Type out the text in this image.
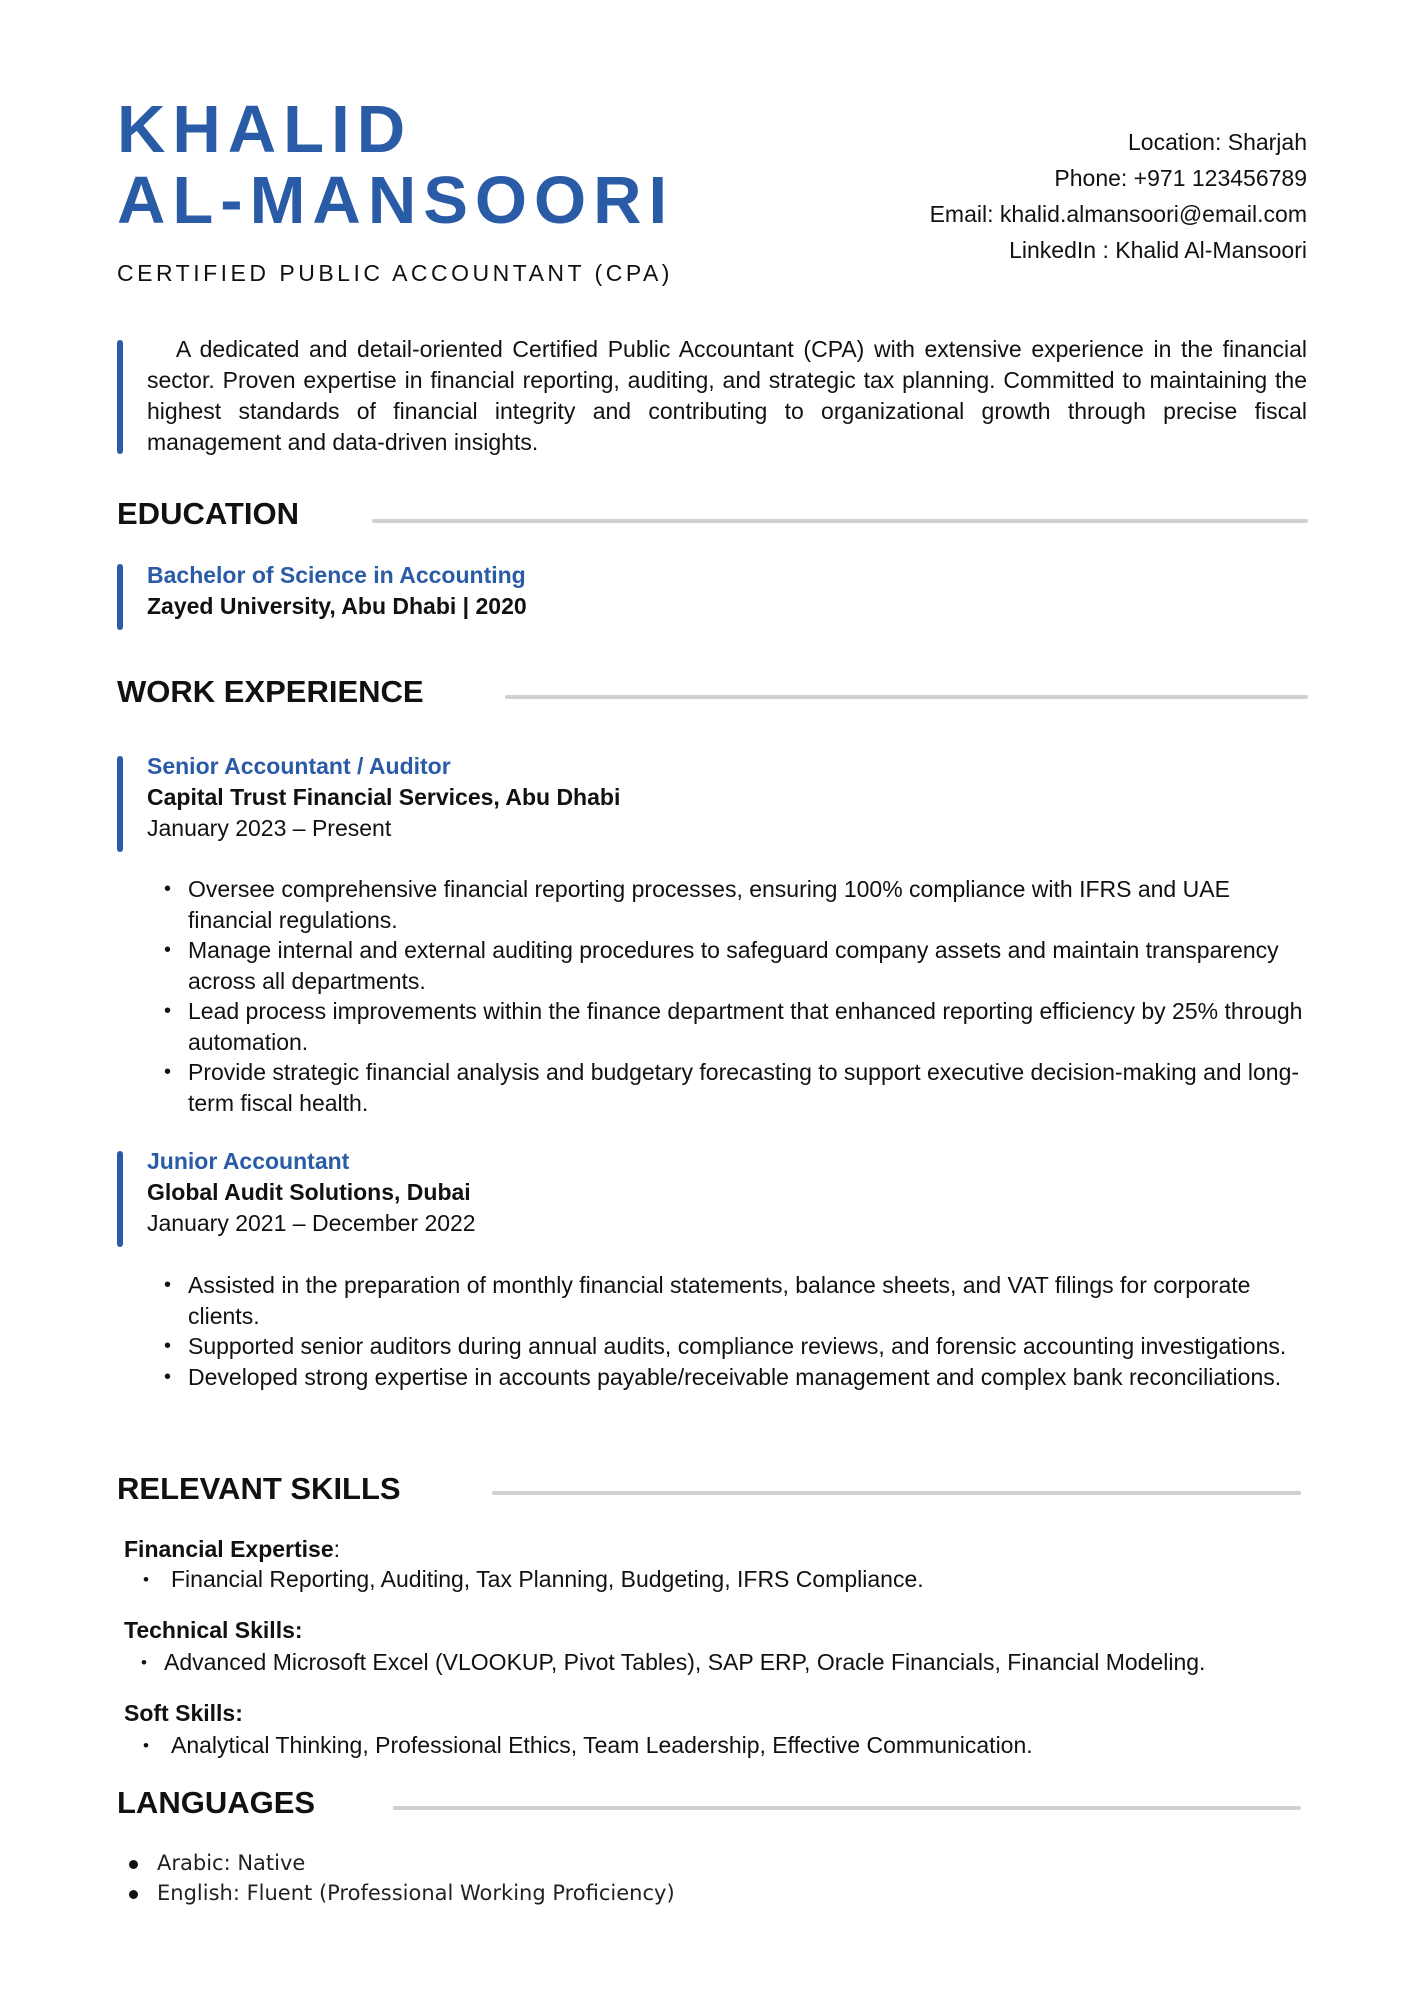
KHALID
AL-MANSOORI
CERTIFIED PUBLIC ACCOUNTANT (CPA)
Location: Sharjah
Phone: +971 123456789
Email: khalid.almansoori@email.com
LinkedIn : Khalid Al-Mansoori
A dedicated and detail-oriented Certified Public Accountant (CPA) with extensive experience in the financial sector. Proven expertise in financial reporting, auditing, and strategic tax planning. Committed to maintaining the highest standards of financial integrity and contributing to organizational growth through precise fiscal management and data-driven insights.
EDUCATION
Bachelor of Science in Accounting
Zayed University, Abu Dhabi | 2020
WORK EXPERIENCE
Senior Accountant / Auditor
Capital Trust Financial Services, Abu Dhabi
January 2023 – Present
• Oversee comprehensive financial reporting processes, ensuring 100% compliance with IFRS and UAE financial regulations.
• Manage internal and external auditing procedures to safeguard company assets and maintain transparency across all departments.
• Lead process improvements within the finance department that enhanced reporting efficiency by 25% through automation.
• Provide strategic financial analysis and budgetary forecasting to support executive decision-making and long-term fiscal health.
Junior Accountant
Global Audit Solutions, Dubai
January 2021 – December 2022
• Assisted in the preparation of monthly financial statements, balance sheets, and VAT filings for corporate clients.
• Supported senior auditors during annual audits, compliance reviews, and forensic accounting investigations.
• Developed strong expertise in accounts payable/receivable management and complex bank reconciliations.
RELEVANT SKILLS
Financial Expertise:
• Financial Reporting, Auditing, Tax Planning, Budgeting, IFRS Compliance.
Technical Skills:
• Advanced Microsoft Excel (VLOOKUP, Pivot Tables), SAP ERP, Oracle Financials, Financial Modeling.
Soft Skills:
• Analytical Thinking, Professional Ethics, Team Leadership, Effective Communication.
LANGUAGES
Arabic: Native
English: Fluent (Professional Working Proficiency)
